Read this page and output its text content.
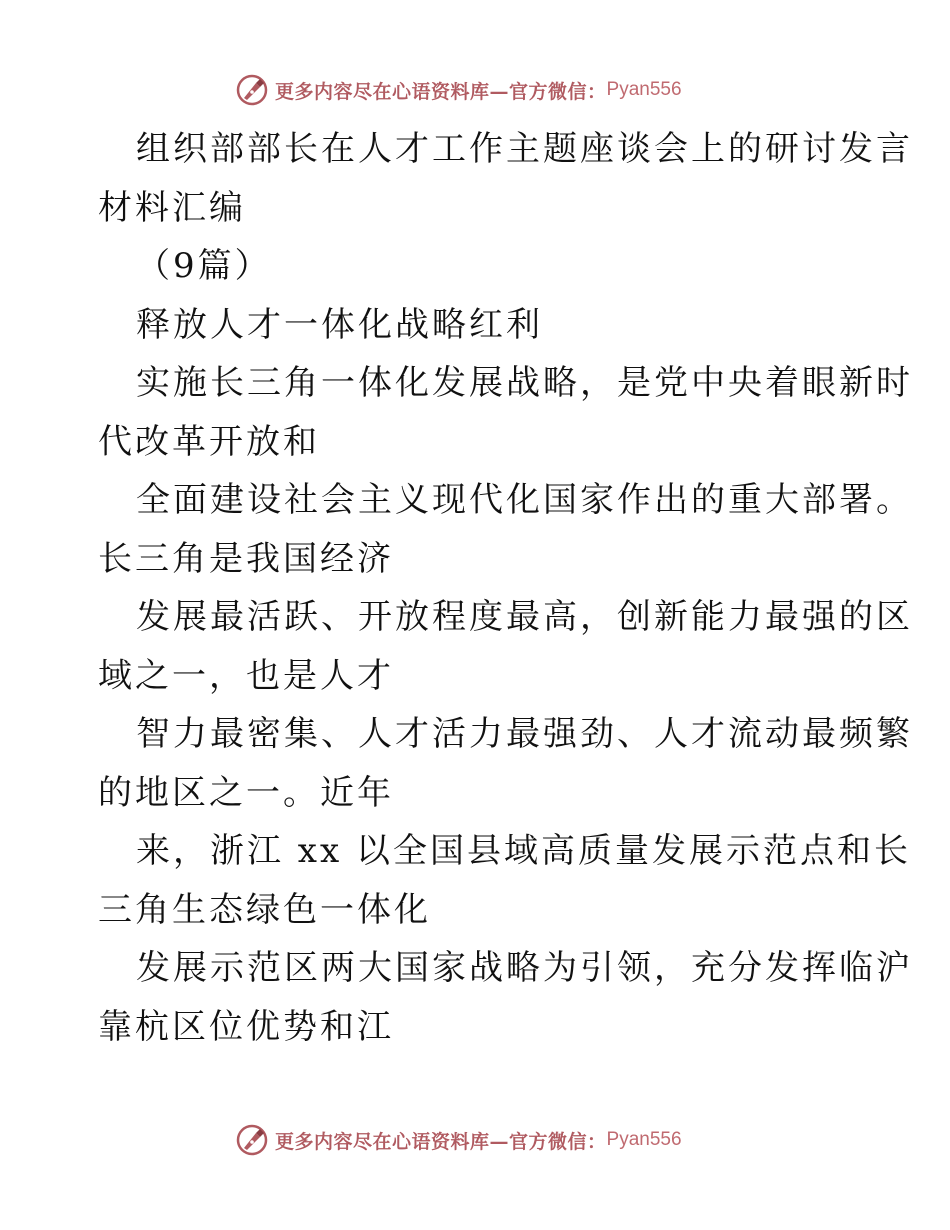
更多内容尽在心语资料库—官方微信： Pyan556
组织部部长在人才工作主题座谈会上的研讨发言
材料汇编
（9篇）
释放人才一体化战略红利
实施长三角一体化发展战略，是党中央着眼新时
代改革开放和
全面建设社会主义现代化国家作出的重大部署。
长三角是我国经济
发展最活跃、开放程度最高，创新能力最强的区
域之一，也是人才
智力最密集、人才活力最强劲、人才流动最频繁
的地区之一。近年
来，浙江 xx 以全国县域高质量发展示范点和长
三角生态绿色一体化
发展示范区两大国家战略为引领，充分发挥临沪
靠杭区位优势和江
更多内容尽在心语资料库—官方微信： Pyan556
